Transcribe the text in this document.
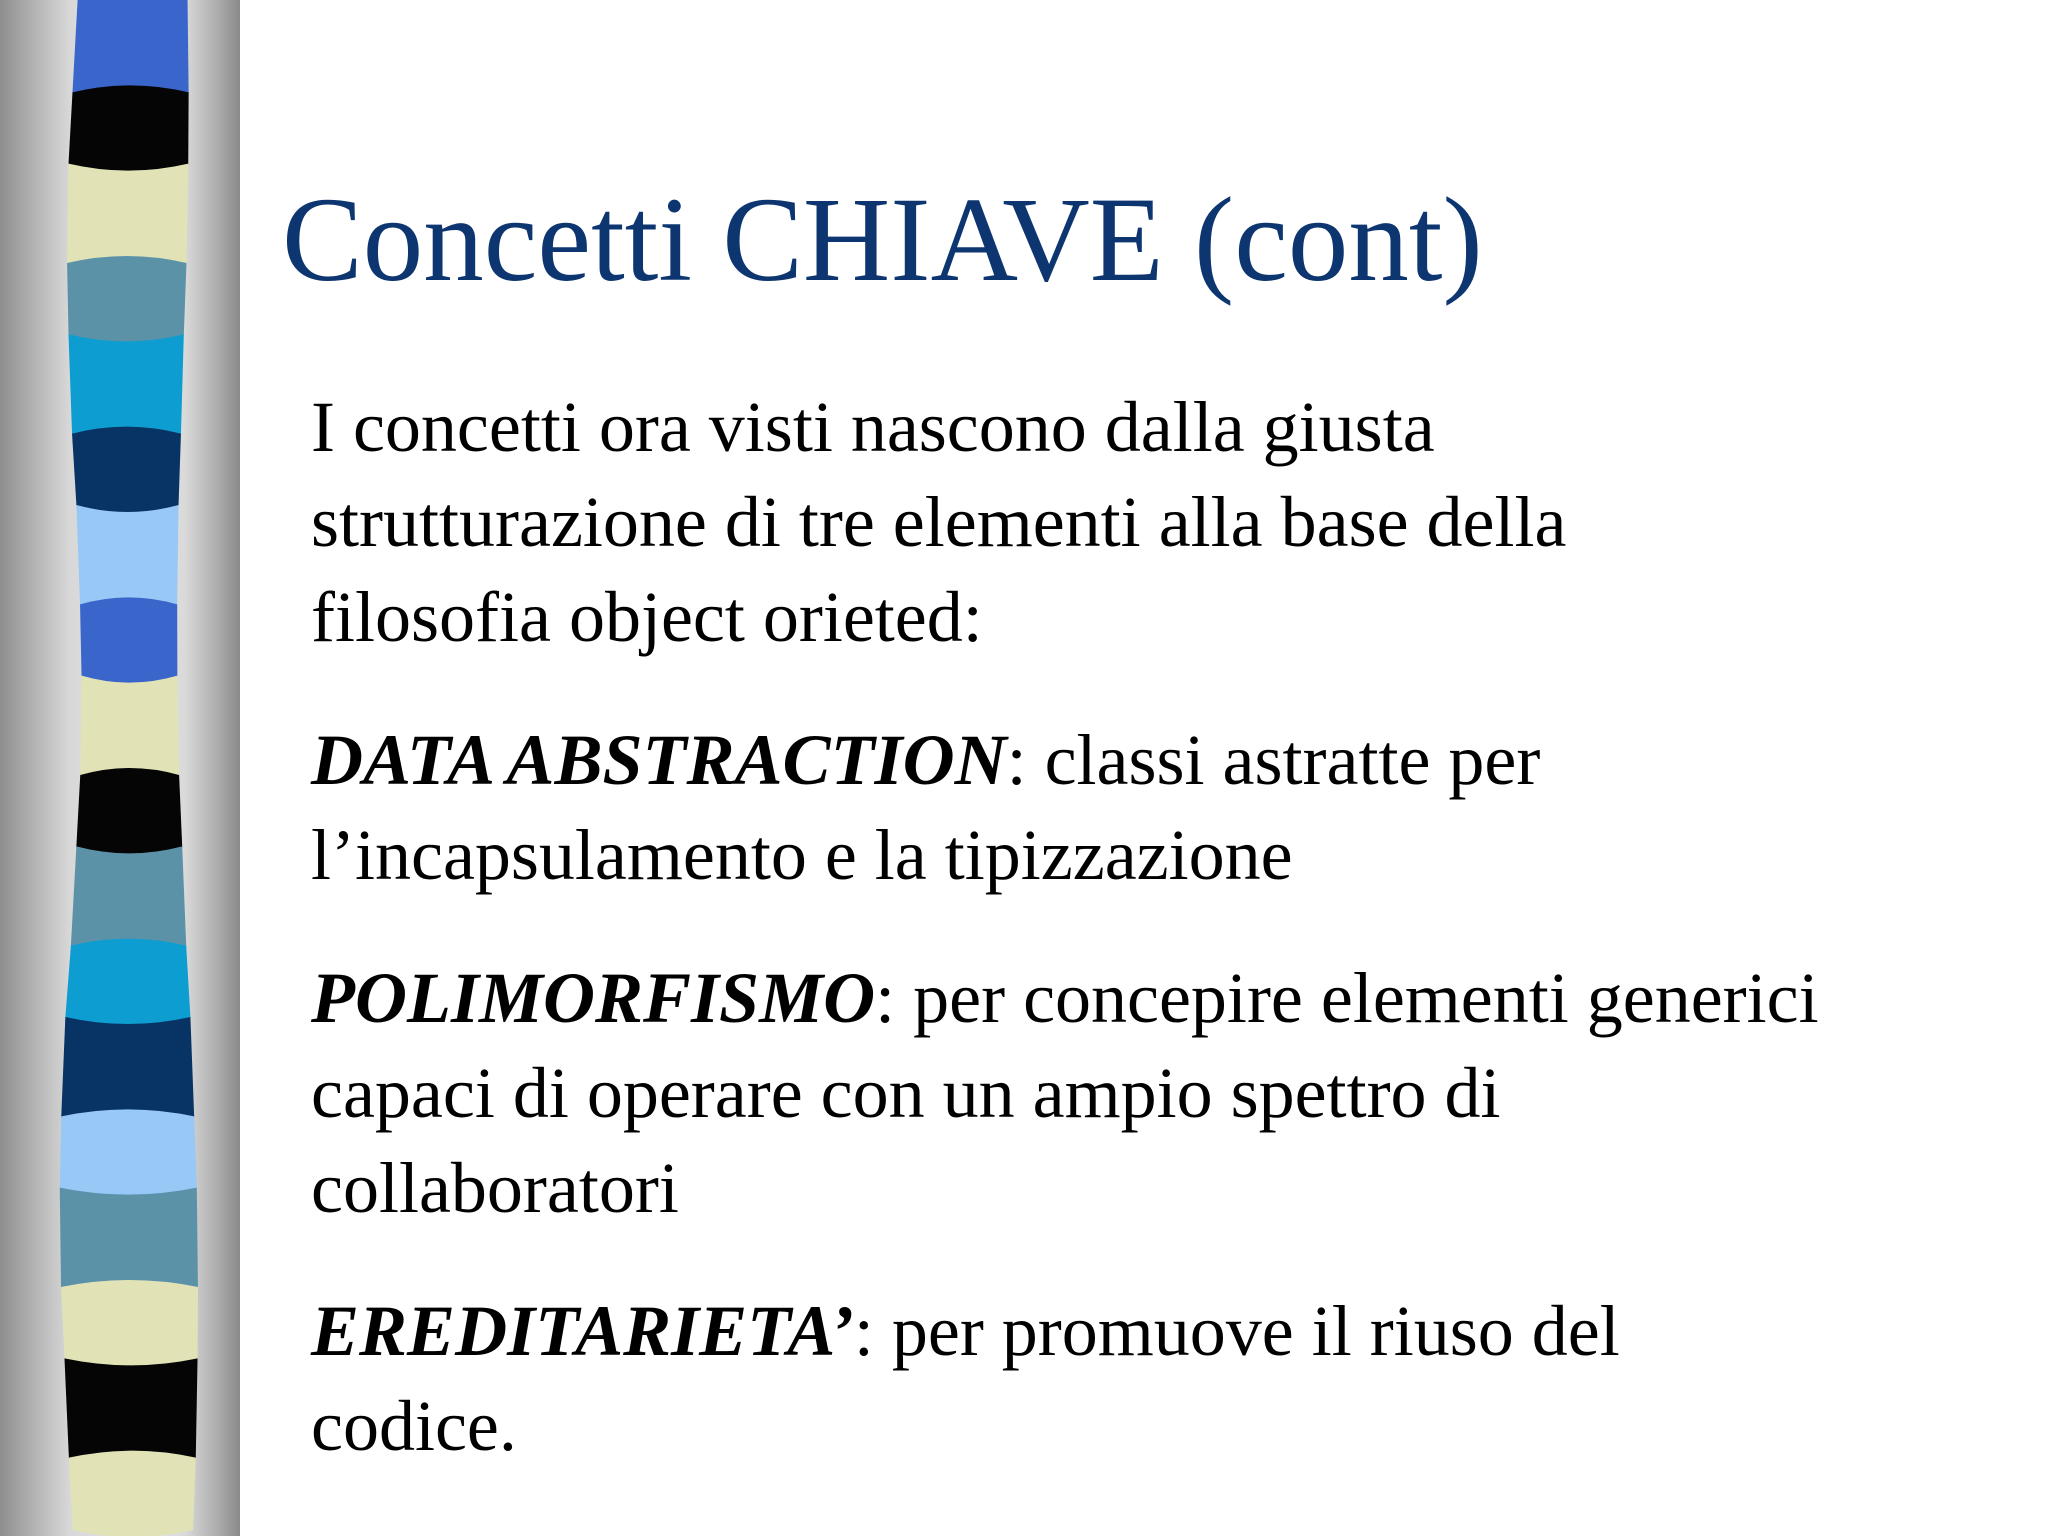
Concetti CHIAVE (cont)

I concetti ora visti nascono dalla giusta
strutturazione di tre elementi alla base della
filosofia object orieted:

DATA ABSTRACTION: classi astratte per
l’incapsulamento e la tipizzazione

POLIMORFISMO: per concepire elementi generici
capaci di operare con un ampio spettro di
collaboratori

EREDITARIETA’: per promuove il riuso del
codice.
